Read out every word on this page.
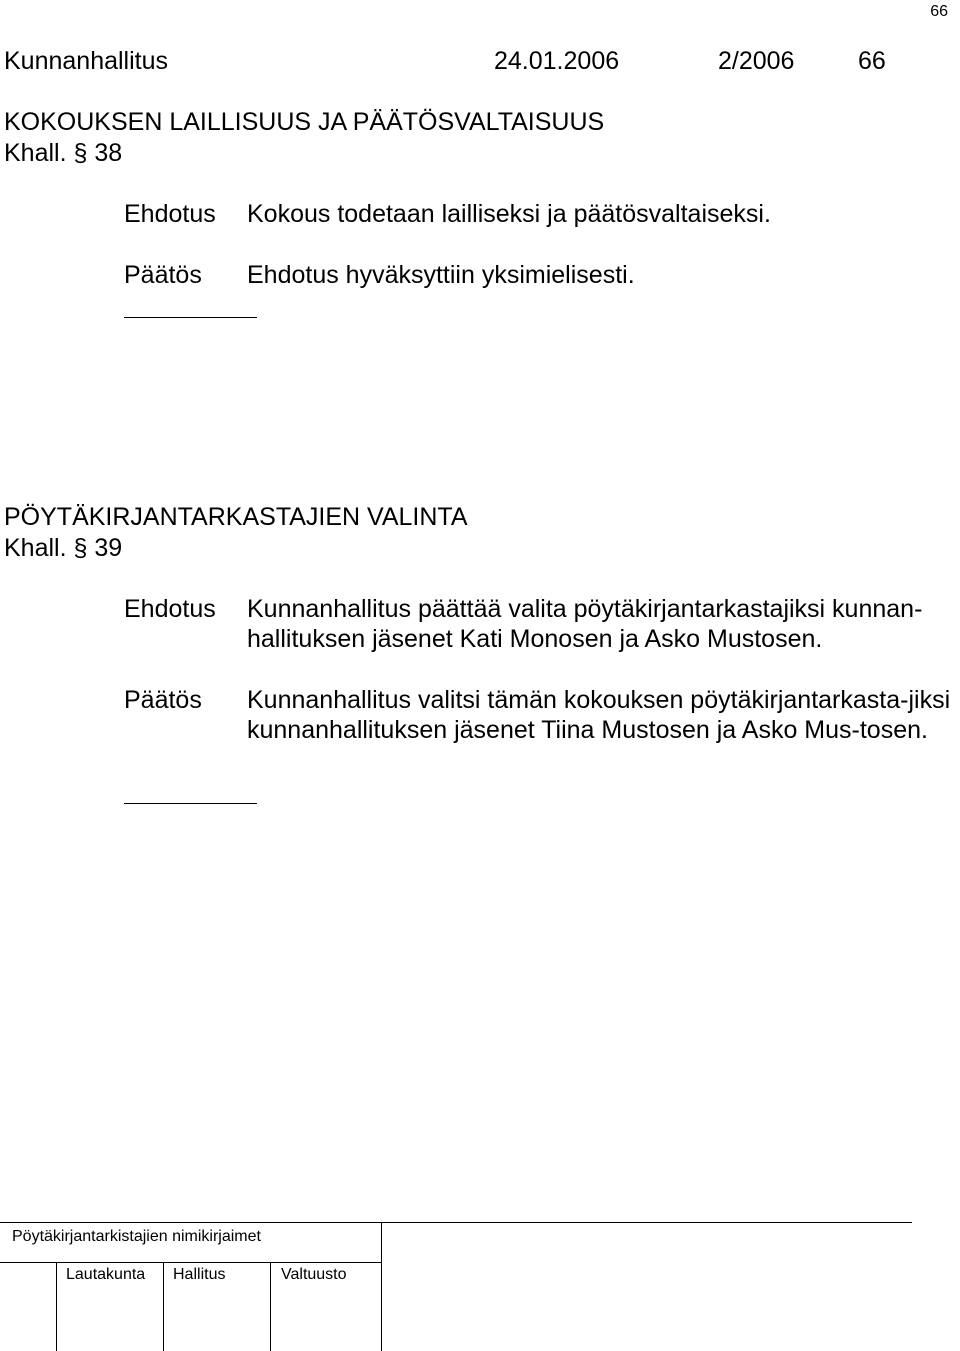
66
Kunnanhallitus	24.01.2006	2/2006	66
KOKOUKSEN LAILLISUUS JA PÄÄTÖSVALTAISUUS
Khall. § 38
Ehdotus Kokous todetaan lailliseksi ja päätösvaltaiseksi.
Päätös Ehdotus hyväksyttiin yksimielisesti.
PÖYTÄKIRJANTARKASTAJIEN VALINTA
Khall. § 39
Ehdotus Kunnanhallitus päättää valita pöytäkirjantarkastajiksi kunnan-hallituksen jäsenet Kati Monosen ja Asko Mustosen.
Päätös Kunnanhallitus valitsi tämän kokouksen pöytäkirjantarkasta-jiksi kunnanhallituksen jäsenet Tiina Mustosen ja Asko Mus-tosen.
Pöytäkirjantarkistajien nimikirjaimet
Lautakunta Hallitus	Valtuusto
